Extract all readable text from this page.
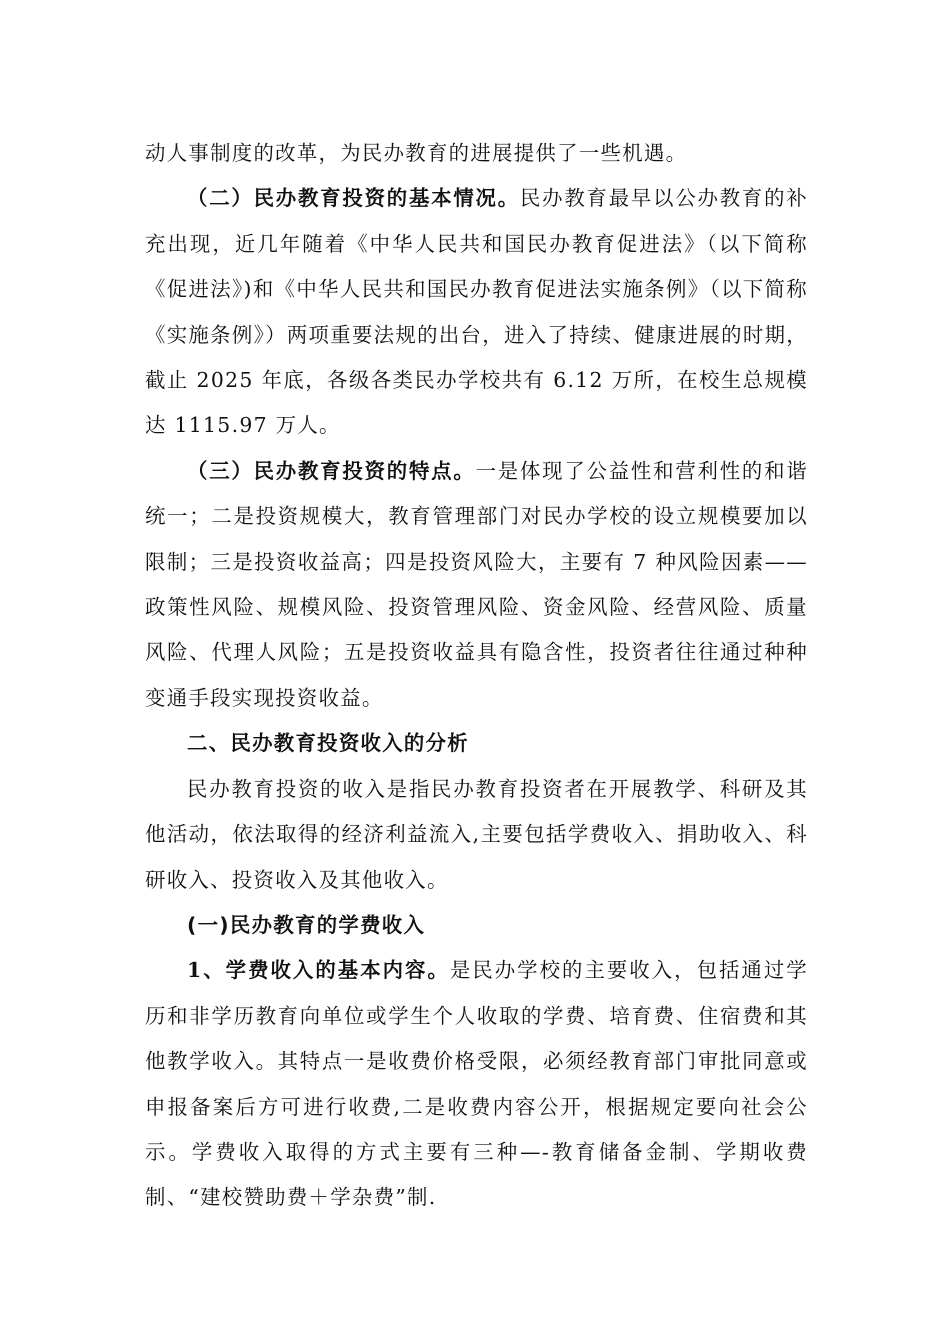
动人事制度的改革，为民办教育的进展提供了一些机遇。

（二）民办教育投资的基本情况。民办教育最早以公办教育的补充出现，近几年随着《中华人民共和国民办教育促进法》（以下简称《促进法》)和《中华人民共和国民办教育促进法实施条例》（以下简称《实施条例》）两项重要法规的出台，进入了持续、健康进展的时期，截止 2025 年底，各级各类民办学校共有 6.12 万所，在校生总规模达 1115.97 万人。

（三）民办教育投资的特点。一是体现了公益性和营利性的和谐统一；二是投资规模大，教育管理部门对民办学校的设立规模要加以限制；三是投资收益高；四是投资风险大，主要有 7 种风险因素——政策性风险、规模风险、投资管理风险、资金风险、经营风险、质量风险、代理人风险；五是投资收益具有隐含性，投资者往往通过种种变通手段实现投资收益。

二、民办教育投资收入的分析

民办教育投资的收入是指民办教育投资者在开展教学、科研及其他活动，依法取得的经济利益流入,主要包括学费收入、捐助收入、科研收入、投资收入及其他收入。

(一)民办教育的学费收入

1、学费收入的基本内容。是民办学校的主要收入，包括通过学历和非学历教育向单位或学生个人收取的学费、培育费、住宿费和其他教学收入。其特点一是收费价格受限，必须经教育部门审批同意或申报备案后方可进行收费,二是收费内容公开，根据规定要向社会公示。学费收入取得的方式主要有三种—-教育储备金制、学期收费制、“建校赞助费＋学杂费”制.
